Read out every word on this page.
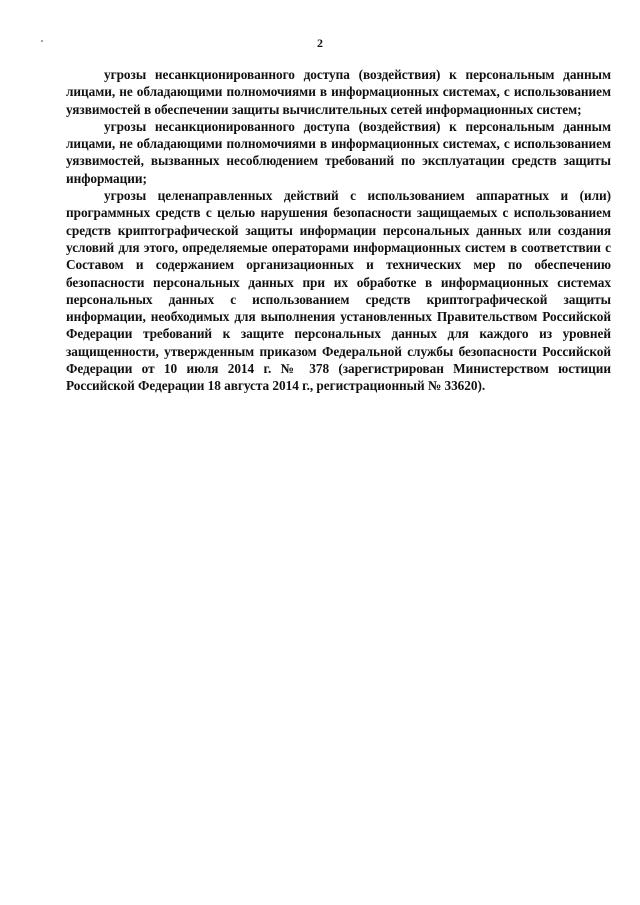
2

угрозы несанкционированного доступа (воздействия) к персональным данным лицами, не обладающими полномочиями в информационных системах, с использованием уязвимостей в обеспечении защиты вычислительных сетей информационных систем;

угрозы несанкционированного доступа (воздействия) к персональным данным лицами, не обладающими полномочиями в информационных системах, с использованием уязвимостей, вызванных несоблюдением требований по эксплуатации средств защиты информации;

угрозы целенаправленных действий с использованием аппаратных и (или) программных средств с целью нарушения безопасности защищаемых с использованием средств криптографической защиты информации персональных данных или создания условий для этого, определяемые операторами информационных систем в соответствии с Составом и содержанием организационных и технических мер по обеспечению безопасности персональных данных при их обработке в информационных системах персональных данных с использованием средств криптографической защиты информации, необходимых для выполнения установленных Правительством Российской Федерации требований к защите персональных данных для каждого из уровней защищенности, утвержденным приказом Федеральной службы безопасности Российской Федерации от 10 июля 2014 г. № 378 (зарегистрирован Министерством юстиции Российской Федерации 18 августа 2014 г., регистрационный № 33620).
